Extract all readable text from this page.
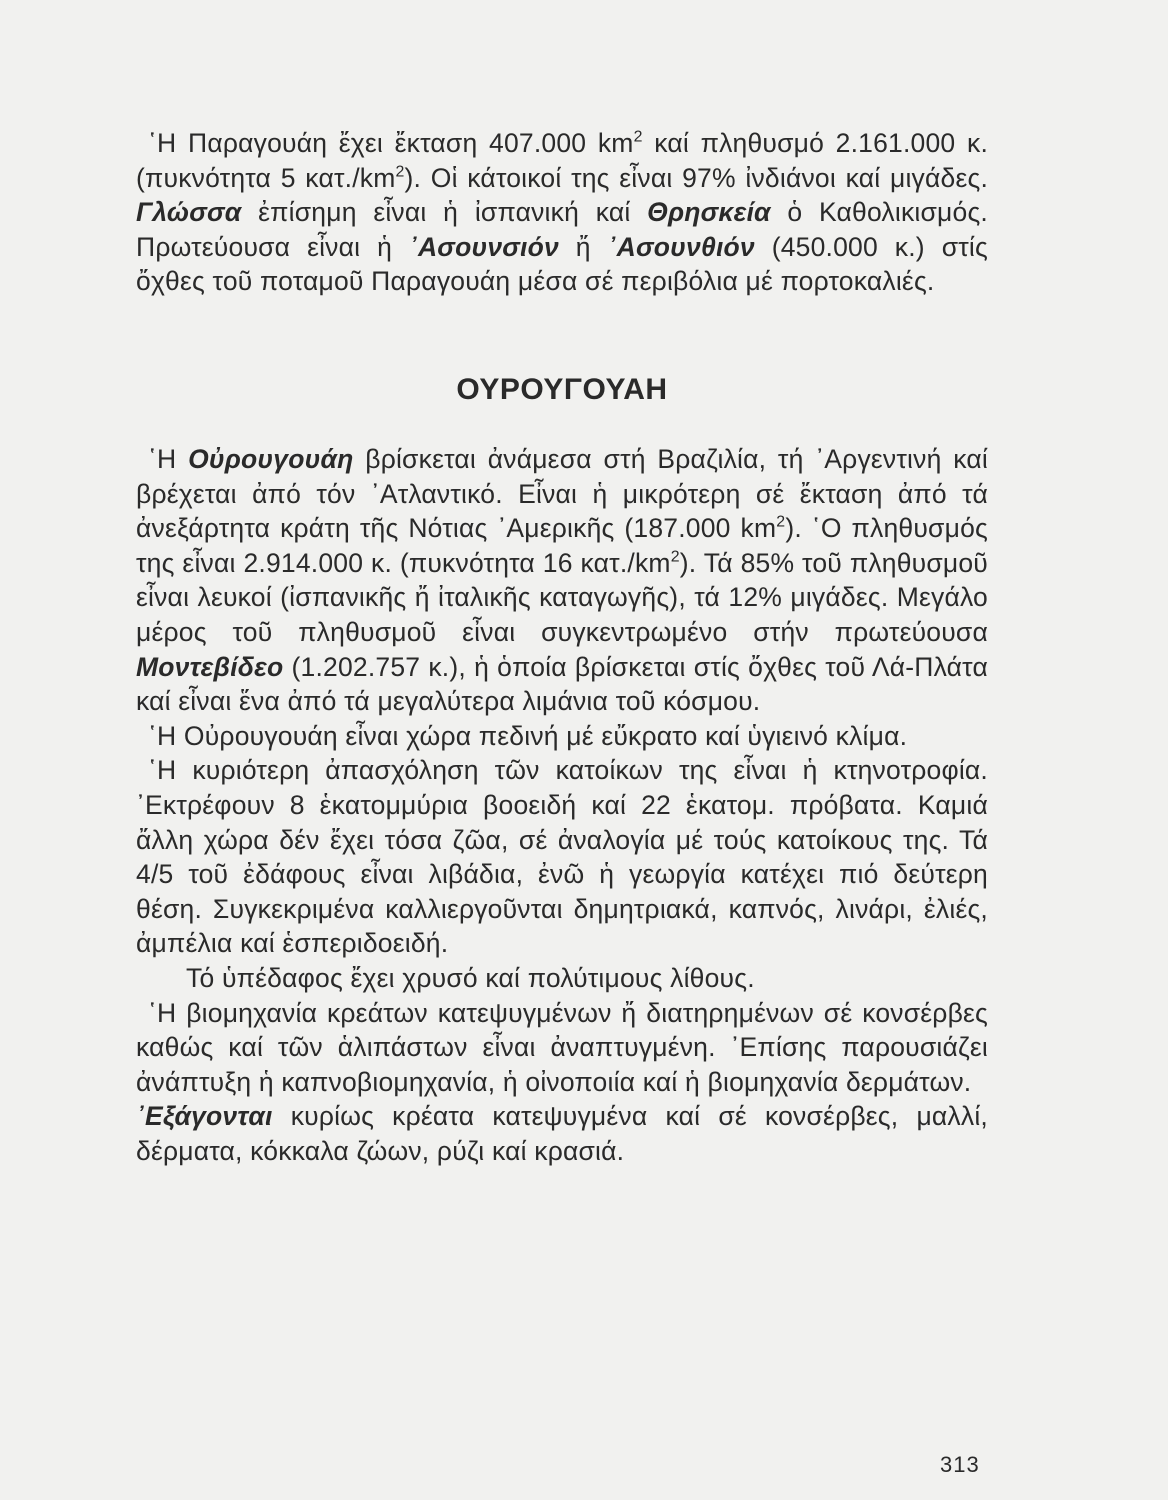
῾Η Παραγουάη ἔχει ἔκταση 407.000 $km^2$ καί πληθυσμό 2.161.000 κ. (πυκνότητα 5 $\kappa\alpha\tau./km^2$). Οἱ κάτοικοί της εἶναι 97% ἰνδιάνοι καί μιγάδες. Γλώσσα ἐπίσημη εἶναι ἡ ἰσπανική καί Θρησκεία ὁ Καθολικισμός. Πρωτεύουσα εἶναι ἡ ᾿Ασουνσιόν ἤ ᾿Ασουνθιόν (450.000 κ.) στίς ὄχθες τοῦ ποταμοῦ Παραγουάη μέσα σέ περιβόλια μέ πορτοκαλιές.

ΟΥΡΟΥΓΟΥΑΗ

῾Η Οὐρουγουάη βρίσκεται ἀνάμεσα στή Βραζιλία, τή ᾿Αργεντινή καί βρέχεται ἀπό τόν ᾿Ατλαντικό. Εἶναι ἡ μικρότερη σέ ἔκταση ἀπό τά ἀνεξάρτητα κράτη τῆς Νότιας ᾿Αμερικῆς (187.000 $km^2$). ῾Ο πληθυσμός της εἶναι 2.914.000 κ. (πυκνότητα 16 $\kappa\alpha\tau./km^2$). Τά 85% τοῦ πληθυσμοῦ εἶναι λευκοί (ἰσπανικῆς ἤ ἰταλικῆς καταγωγῆς), τά 12% μιγάδες. Μεγάλο μέρος τοῦ πληθυσμοῦ εἶναι συγκεντρωμένο στήν πρωτεύουσα Μοντεβίδεο (1.202.757 κ.), ἡ ὁποία βρίσκεται στίς ὄχθες τοῦ Λά-Πλάτα καί εἶναι ἕνα ἀπό τά μεγαλύτερα λιμάνια τοῦ κόσμου.

῾Η Οὐρουγουάη εἶναι χώρα πεδινή μέ εὔκρατο καί ὑγιεινό κλίμα.

῾Η κυριότερη ἀπασχόληση τῶν κατοίκων της εἶναι ἡ κτηνοτροφία. ᾿Εκτρέφουν 8 ἑκατομμύρια βοοειδή καί 22 ἑκατομ. πρόβατα. Καμιά ἄλλη χώρα δέν ἔχει τόσα ζῶα, σέ ἀναλογία μέ τούς κατοίκους της. Τά 4/5 τοῦ ἐδάφους εἶναι λιβάδια, ἐνῶ ἡ γεωργία κατέχει πιό δεύτερη θέση. Συγκεκριμένα καλλιεργοῦνται δημητριακά, καπνός, λινάρι, ἐλιές, ἀμπέλια καί ἑσπεριδοειδή.

Τό ὑπέδαφος ἔχει χρυσό καί πολύτιμους λίθους.

῾Η βιομηχανία κρεάτων κατεψυγμένων ἤ διατηρημένων σέ κονσέρβες καθώς καί τῶν ἁλιπάστων εἶναι ἀναπτυγμένη. ᾿Επίσης παρουσιάζει ἀνάπτυξη ἡ καπνοβιομηχανία, ἡ οἰνοποιία καί ἡ βιομηχανία δερμάτων.

᾿Εξάγονται κυρίως κρέατα κατεψυγμένα καί σέ κονσέρβες, μαλλί, δέρματα, κόκκαλα ζώων, ρύζι καί κρασιά.

313
